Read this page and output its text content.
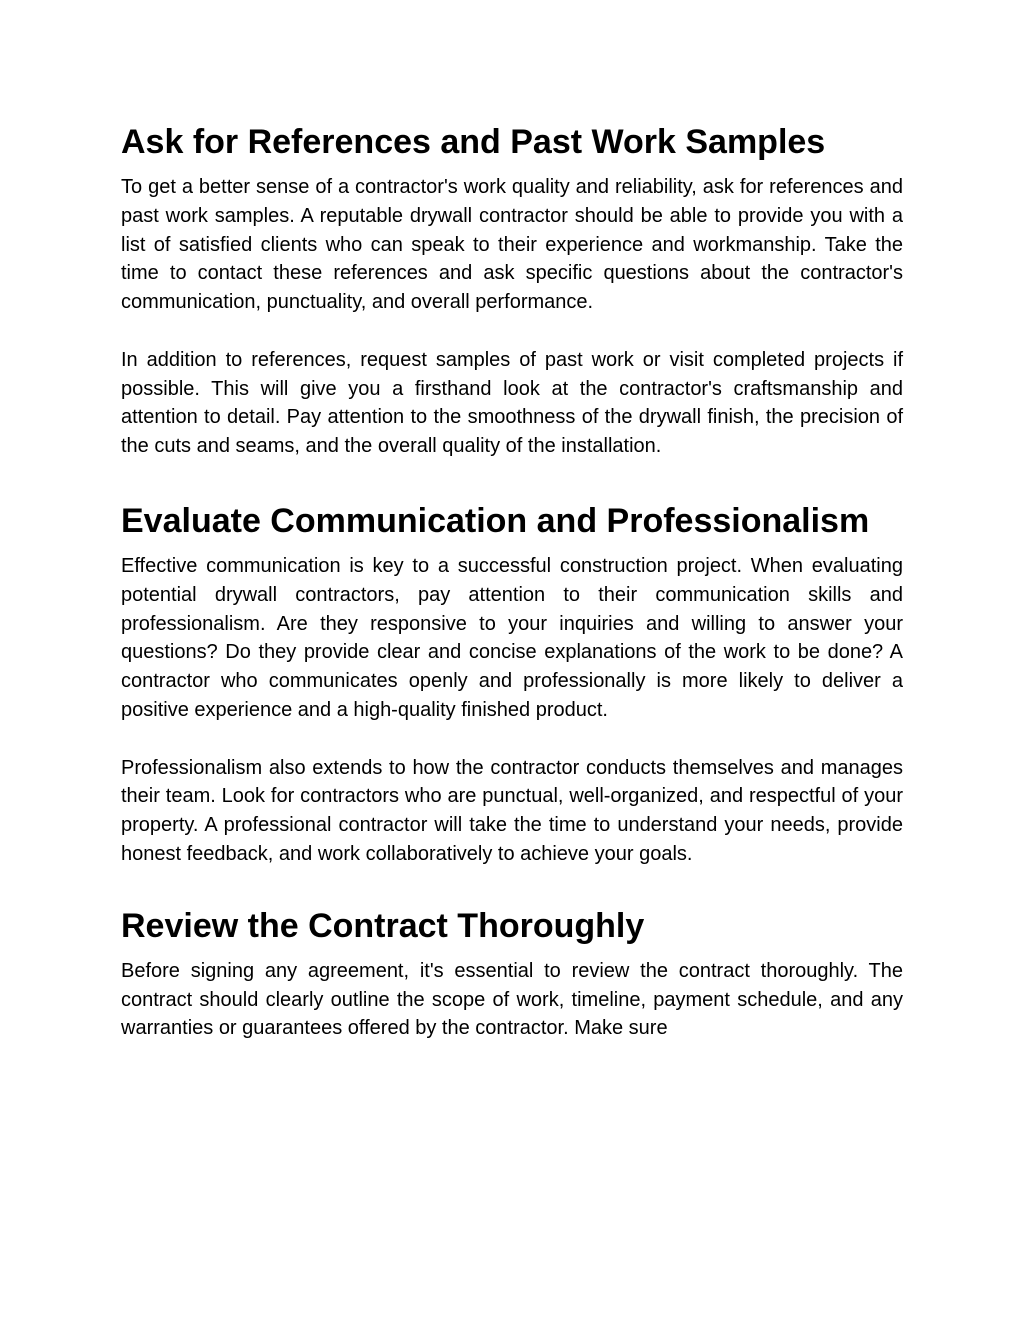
Ask for References and Past Work Samples

To get a better sense of a contractor's work quality and reliability, ask for references and past work samples. A reputable drywall contractor should be able to provide you with a list of satisfied clients who can speak to their experience and workmanship. Take the time to contact these references and ask specific questions about the contractor's communication, punctuality, and overall performance.

In addition to references, request samples of past work or visit completed projects if possible. This will give you a firsthand look at the contractor's craftsmanship and attention to detail. Pay attention to the smoothness of the drywall finish, the precision of the cuts and seams, and the overall quality of the installation.

Evaluate Communication and Professionalism

Effective communication is key to a successful construction project. When evaluating potential drywall contractors, pay attention to their communication skills and professionalism. Are they responsive to your inquiries and willing to answer your questions? Do they provide clear and concise explanations of the work to be done? A contractor who communicates openly and professionally is more likely to deliver a positive experience and a high-quality finished product.

Professionalism also extends to how the contractor conducts themselves and manages their team. Look for contractors who are punctual, well-organized, and respectful of your property. A professional contractor will take the time to understand your needs, provide honest feedback, and work collaboratively to achieve your goals.

Review the Contract Thoroughly

Before signing any agreement, it's essential to review the contract thoroughly. The contract should clearly outline the scope of work, timeline, payment schedule, and any warranties or guarantees offered by the contractor. Make sure
